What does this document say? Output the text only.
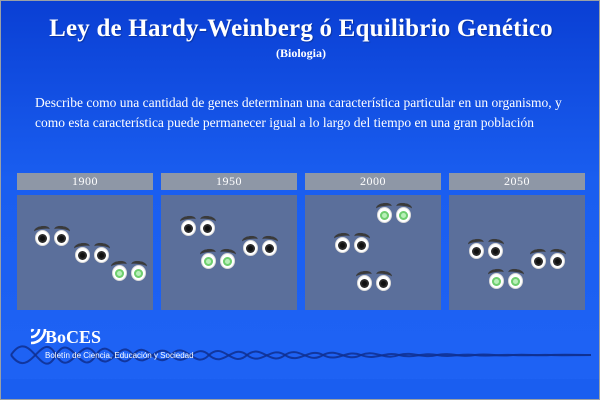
Ley de Hardy-Weinberg ó Equilibrio Genético
(Biologia)
Describe como una cantidad de genes determinan una característica particular en un organismo, y como esta característica puede permanecer igual a lo largo del tiempo en una gran población
1900	1950	2000	2050
BoCES
Boletín de Ciencia, Educación y Sociedad
